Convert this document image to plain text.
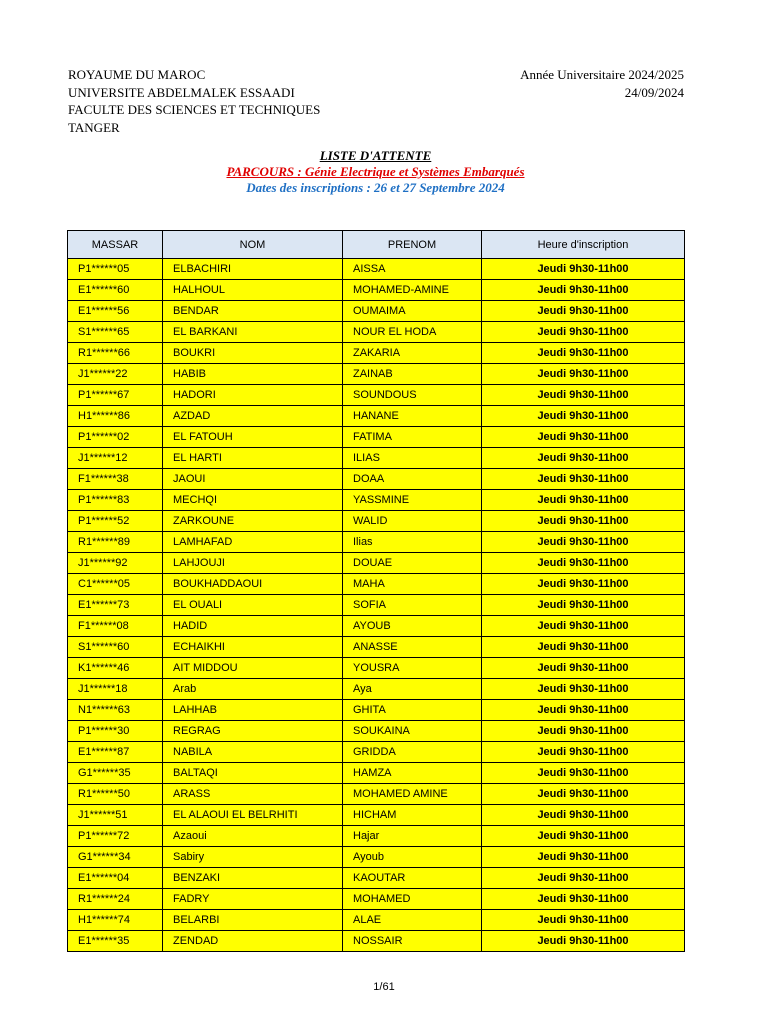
ROYAUME DU MAROC
UNIVERSITE ABDELMALEK ESSAADI
FACULTE DES SCIENCES ET TECHNIQUES
TANGER
Année Universitaire 2024/2025
24/09/2024
LISTE D'ATTENTE
PARCOURS : Génie Electrique et Systèmes Embarqués
Dates des inscriptions : 26 et 27 Septembre 2024
MASSAR	NOM	PRENOM	Heure d'inscription
P1******05	ELBACHIRI	AISSA	Jeudi 9h30-11h00
E1******60	HALHOUL	MOHAMED-AMINE	Jeudi 9h30-11h00
E1******56	BENDAR	OUMAIMA	Jeudi 9h30-11h00
S1******65	EL BARKANI	NOUR EL HODA	Jeudi 9h30-11h00
R1******66	BOUKRI	ZAKARIA	Jeudi 9h30-11h00
J1******22	HABIB	ZAINAB	Jeudi 9h30-11h00
P1******67	HADORI	SOUNDOUS	Jeudi 9h30-11h00
H1******86	AZDAD	HANANE	Jeudi 9h30-11h00
P1******02	EL FATOUH	FATIMA	Jeudi 9h30-11h00
J1******12	EL HARTI	ILIAS	Jeudi 9h30-11h00
F1******38	JAOUI	DOAA	Jeudi 9h30-11h00
P1******83	MECHQI	YASSMINE	Jeudi 9h30-11h00
P1******52	ZARKOUNE	WALID	Jeudi 9h30-11h00
R1******89	LAMHAFAD	Ilias	Jeudi 9h30-11h00
J1******92	LAHJOUJI	DOUAE	Jeudi 9h30-11h00
C1******05	BOUKHADDAOUI	MAHA	Jeudi 9h30-11h00
E1******73	EL OUALI	SOFIA	Jeudi 9h30-11h00
F1******08	HADID	AYOUB	Jeudi 9h30-11h00
S1******60	ECHAIKHI	ANASSE	Jeudi 9h30-11h00
K1******46	AIT MIDDOU	YOUSRA	Jeudi 9h30-11h00
J1******18	Arab	Aya	Jeudi 9h30-11h00
N1******63	LAHHAB	GHITA	Jeudi 9h30-11h00
P1******30	REGRAG	SOUKAINA	Jeudi 9h30-11h00
E1******87	NABILA	GRIDDA	Jeudi 9h30-11h00
G1******35	BALTAQI	HAMZA	Jeudi 9h30-11h00
R1******50	ARASS	MOHAMED AMINE	Jeudi 9h30-11h00
J1******51	EL ALAOUI EL BELRHITI	HICHAM	Jeudi 9h30-11h00
P1******72	Azaoui	Hajar	Jeudi 9h30-11h00
G1******34	Sabiry	Ayoub	Jeudi 9h30-11h00
E1******04	BENZAKI	KAOUTAR	Jeudi 9h30-11h00
R1******24	FADRY	MOHAMED	Jeudi 9h30-11h00
H1******74	BELARBI	ALAE	Jeudi 9h30-11h00
E1******35	ZENDAD	NOSSAIR	Jeudi 9h30-11h00
1/61
